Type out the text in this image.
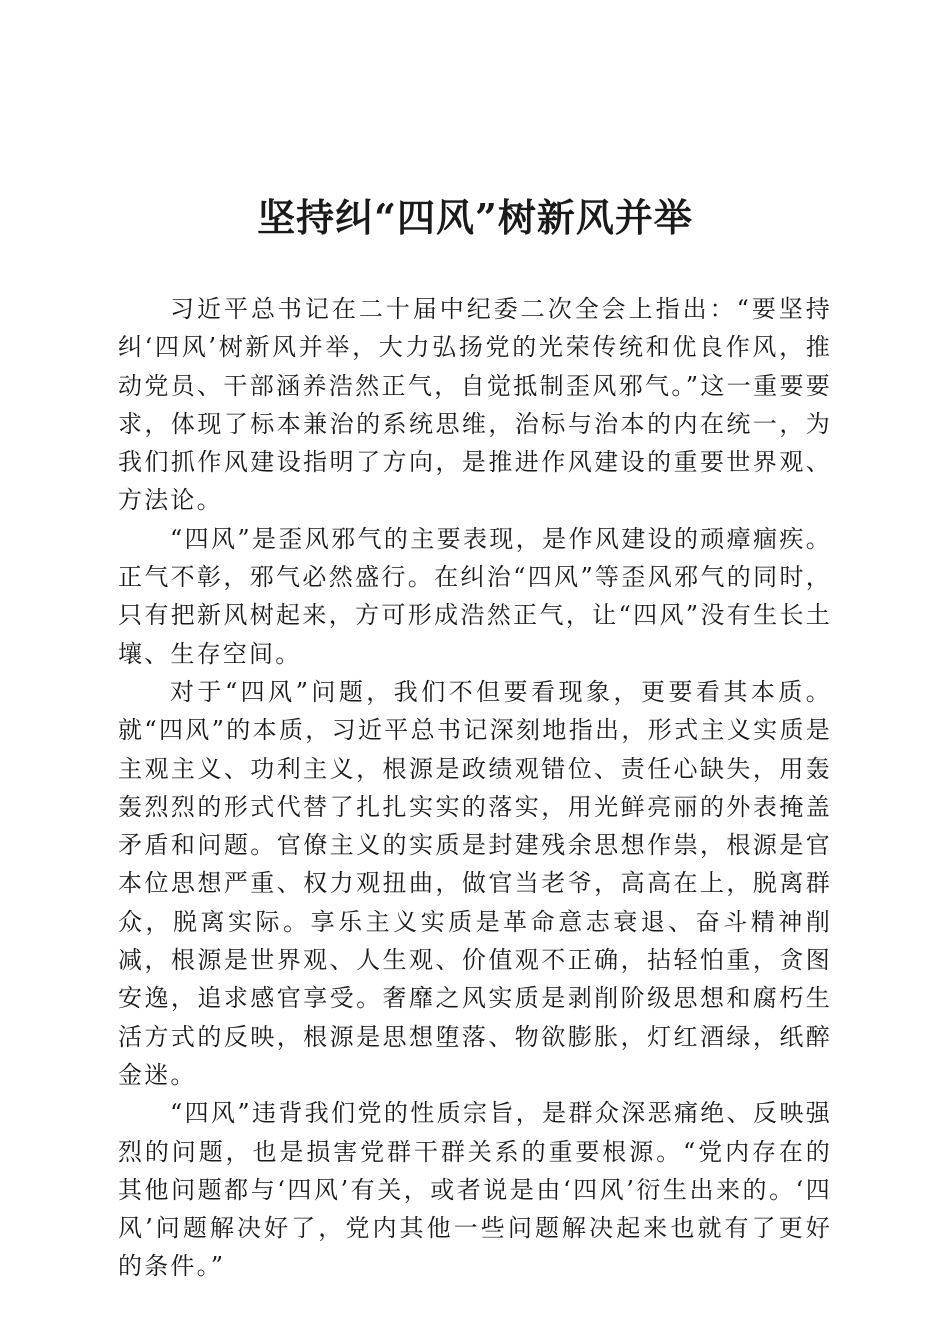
坚持纠“四风”树新风并举

习近平总书记在二十届中纪委二次全会上指出：“要坚持纠‘四风’树新风并举，大力弘扬党的光荣传统和优良作风，推动党员、干部涵养浩然正气，自觉抵制歪风邪气。”这一重要要求，体现了标本兼治的系统思维，治标与治本的内在统一，为我们抓作风建设指明了方向，是推进作风建设的重要世界观、方法论。

“四风”是歪风邪气的主要表现，是作风建设的顽瘴痼疾。正气不彰，邪气必然盛行。在纠治“四风”等歪风邪气的同时，只有把新风树起来，方可形成浩然正气，让“四风”没有生长土壤、生存空间。

对于“四风”问题，我们不但要看现象，更要看其本质。就“四风”的本质，习近平总书记深刻地指出，形式主义实质是主观主义、功利主义，根源是政绩观错位、责任心缺失，用轰轰烈烈的形式代替了扎扎实实的落实，用光鲜亮丽的外表掩盖矛盾和问题。官僚主义的实质是封建残余思想作祟，根源是官本位思想严重、权力观扭曲，做官当老爷，高高在上，脱离群众，脱离实际。享乐主义实质是革命意志衰退、奋斗精神削减，根源是世界观、人生观、价值观不正确，拈轻怕重，贪图安逸，追求感官享受。奢靡之风实质是剥削阶级思想和腐朽生活方式的反映，根源是思想堕落、物欲膨胀，灯红酒绿，纸醉金迷。

“四风”违背我们党的性质宗旨，是群众深恶痛绝、反映强烈的问题，也是损害党群干群关系的重要根源。“党内存在的其他问题都与‘四风’有关，或者说是由‘四风’衍生出来的。‘四风’问题解决好了，党内其他一些问题解决起来也就有了更好的条件。”
